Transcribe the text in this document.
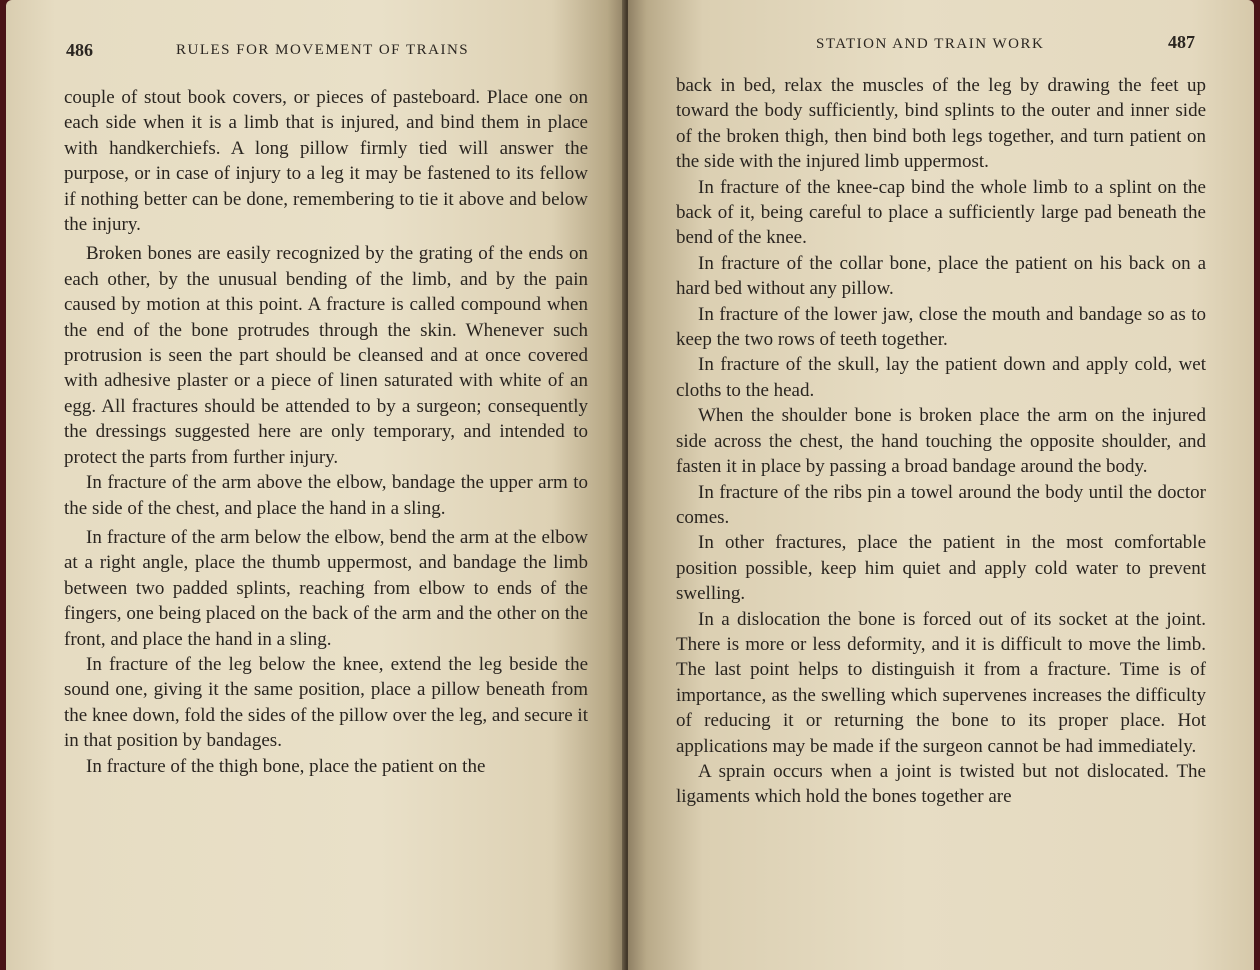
486	RULES FOR MOVEMENT OF TRAINS

couple of stout book covers, or pieces of pasteboard. Place one on each side when it is a limb that is injured, and bind them in place with handkerchiefs. A long pillow firmly tied will answer the purpose, or in case of injury to a leg it may be fastened to its fellow if nothing better can be done, remembering to tie it above and below the injury.

Broken bones are easily recognized by the grating of the ends on each other, by the unusual bending of the limb, and by the pain caused by motion at this point. A fracture is called compound when the end of the bone protrudes through the skin. Whenever such protrusion is seen the part should be cleansed and at once covered with adhesive plaster or a piece of linen saturated with white of an egg. All fractures should be attended to by a surgeon; consequently the dressings suggested here are only temporary, and intended to protect the parts from further injury.

In fracture of the arm above the elbow, bandage the upper arm to the side of the chest, and place the hand in a sling.

In fracture of the arm below the elbow, bend the arm at the elbow at a right angle, place the thumb uppermost, and bandage the limb between two padded splints, reaching from elbow to ends of the fingers, one being placed on the back of the arm and the other on the front, and place the hand in a sling.

In fracture of the leg below the knee, extend the leg beside the sound one, giving it the same position, place a pillow beneath from the knee down, fold the sides of the pillow over the leg, and secure it in that position by bandages.

In fracture of the thigh bone, place the patient on the

STATION AND TRAIN WORK	487

back in bed, relax the muscles of the leg by drawing the feet up toward the body sufficiently, bind splints to the outer and inner side of the broken thigh, then bind both legs together, and turn patient on the side with the injured limb uppermost.

In fracture of the knee-cap bind the whole limb to a splint on the back of it, being careful to place a sufficiently large pad beneath the bend of the knee.

In fracture of the collar bone, place the patient on his back on a hard bed without any pillow.

In fracture of the lower jaw, close the mouth and bandage so as to keep the two rows of teeth together.

In fracture of the skull, lay the patient down and apply cold, wet cloths to the head.

When the shoulder bone is broken place the arm on the injured side across the chest, the hand touching the opposite shoulder, and fasten it in place by passing a broad bandage around the body.

In fracture of the ribs pin a towel around the body until the doctor comes.

In other fractures, place the patient in the most comfortable position possible, keep him quiet and apply cold water to prevent swelling.

In a dislocation the bone is forced out of its socket at the joint. There is more or less deformity, and it is difficult to move the limb. The last point helps to distinguish it from a fracture. Time is of importance, as the swelling which supervenes increases the difficulty of reducing it or returning the bone to its proper place. Hot applications may be made if the surgeon cannot be had immediately.

A sprain occurs when a joint is twisted but not dislocated. The ligaments which hold the bones together are
